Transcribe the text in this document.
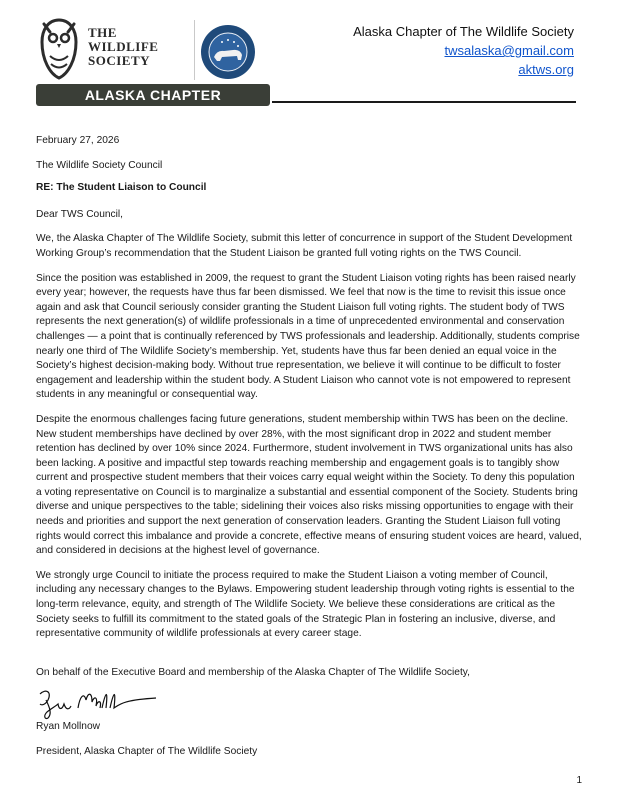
THE
WILDLIFE
SOCIETY
ALASKA CHAPTER
Alaska Chapter of The Wildlife Society
twsalaska@gmail.com
aktws.org

February 27, 2026

The Wildlife Society Council

RE: The Student Liaison to Council

Dear TWS Council,

We, the Alaska Chapter of The Wildlife Society, submit this letter of concurrence in support of the Student Development Working Group’s recommendation that the Student Liaison be granted full voting rights on the TWS Council.

Since the position was established in 2009, the request to grant the Student Liaison voting rights has been raised nearly every year; however, the requests have thus far been dismissed. We feel that now is the time to revisit this issue once again and ask that Council seriously consider granting the Student Liaison full voting rights. The student body of TWS represents the next generation(s) of wildlife professionals in a time of unprecedented environmental and conservation challenges — a point that is continually referenced by TWS professionals and leadership. Additionally, students comprise nearly one third of The Wildlife Society’s membership. Yet, students have thus far been denied an equal voice in the Society’s highest decision-making body. Without true representation, we believe it will continue to be difficult to foster engagement and leadership within the student body. A Student Liaison who cannot vote is not empowered to represent students in any meaningful or consequential way.

Despite the enormous challenges facing future generations, student membership within TWS has been on the decline. New student memberships have declined by over 28%, with the most significant drop in 2022 and student member retention has declined by over 10% since 2024. Furthermore, student involvement in TWS organizational units has also been lacking. A positive and impactful step towards reaching membership and engagement goals is to tangibly show current and prospective student members that their voices carry equal weight within the Society. To deny this population a voting representative on Council is to marginalize a substantial and essential component of the Society. Students bring diverse and unique perspectives to the table; sidelining their voices also risks missing opportunities to engage with their needs and priorities and support the next generation of conservation leaders. Granting the Student Liaison full voting rights would correct this imbalance and provide a concrete, effective means of ensuring student voices are heard, valued, and considered in decisions at the highest level of governance.

We strongly urge Council to initiate the process required to make the Student Liaison a voting member of Council, including any necessary changes to the Bylaws. Empowering student leadership through voting rights is essential to the long-term relevance, equity, and strength of The Wildlife Society. We believe these considerations are critical as the Society seeks to fulfill its commitment to the stated goals of the Strategic Plan in fostering an inclusive, diverse, and representative community of wildlife professionals at every career stage.

On behalf of the Executive Board and membership of the Alaska Chapter of The Wildlife Society,

Ryan Mollnow

President, Alaska Chapter of The Wildlife Society

1
